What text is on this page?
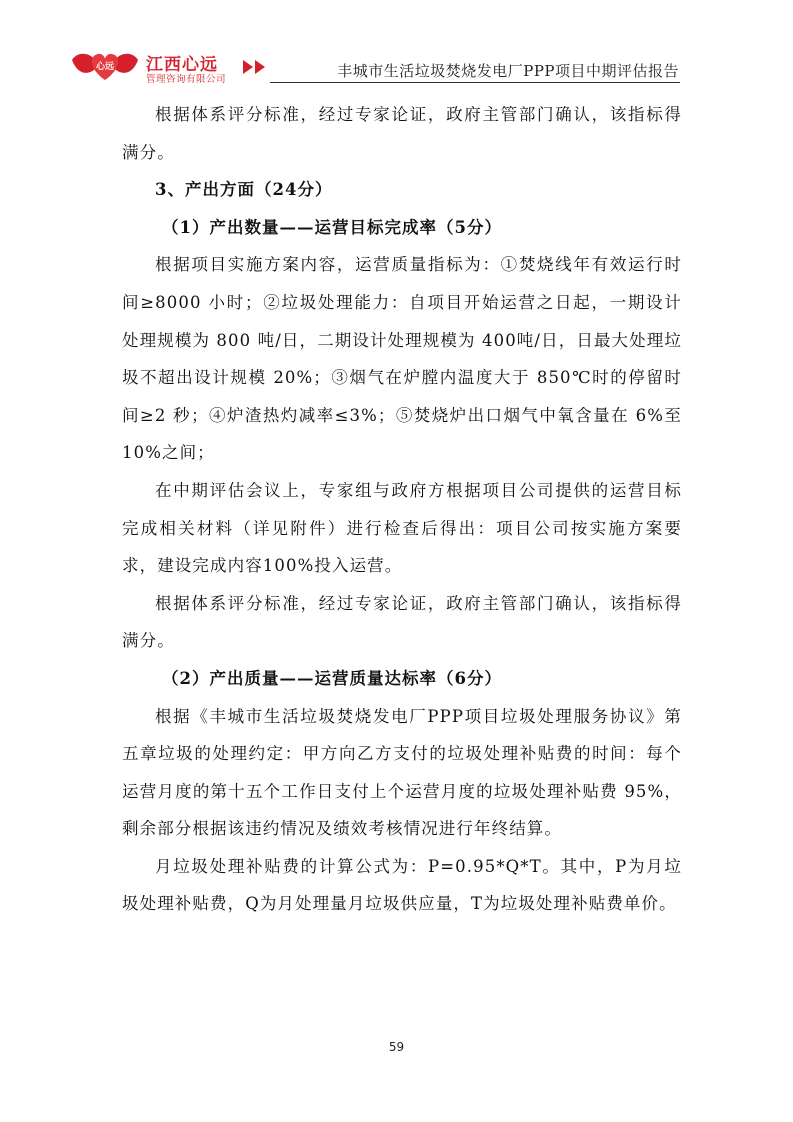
心远 江西心远
管理咨询有限公司	丰城市生活垃圾焚烧发电厂PPP项目中期评估报告

根据体系评分标准，经过专家论证，政府主管部门确认，该指标得满分。

3、产出方面（24分）

（1）产出数量——运营目标完成率（5分）

根据项目实施方案内容，运营质量指标为：①焚烧线年有效运行时间≥8000 小时；②垃圾处理能力：自项目开始运营之日起，一期设计处理规模为 800 吨/日，二期设计处理规模为 400吨/日，日最大处理垃圾不超出设计规模 20%；③烟气在炉膛内温度大于 850℃时的停留时间≥2 秒；④炉渣热灼减率≤3%；⑤焚烧炉出口烟气中氧含量在 6%至 10%之间；

在中期评估会议上，专家组与政府方根据项目公司提供的运营目标完成相关材料（详见附件）进行检查后得出：项目公司按实施方案要求，建设完成内容100%投入运营。

根据体系评分标准，经过专家论证，政府主管部门确认，该指标得满分。

（2）产出质量——运营质量达标率（6分）

根据《丰城市生活垃圾焚烧发电厂PPP项目垃圾处理服务协议》第五章垃圾的处理约定：甲方向乙方支付的垃圾处理补贴费的时间：每个运营月度的第十五个工作日支付上个运营月度的垃圾处理补贴费 95%，剩余部分根据该违约情况及绩效考核情况进行年终结算。

月垃圾处理补贴费的计算公式为：P=0.95*Q*T。其中，P为月垃圾处理补贴费，Q为月处理量月垃圾供应量，T为垃圾处理补贴费单价。

59
